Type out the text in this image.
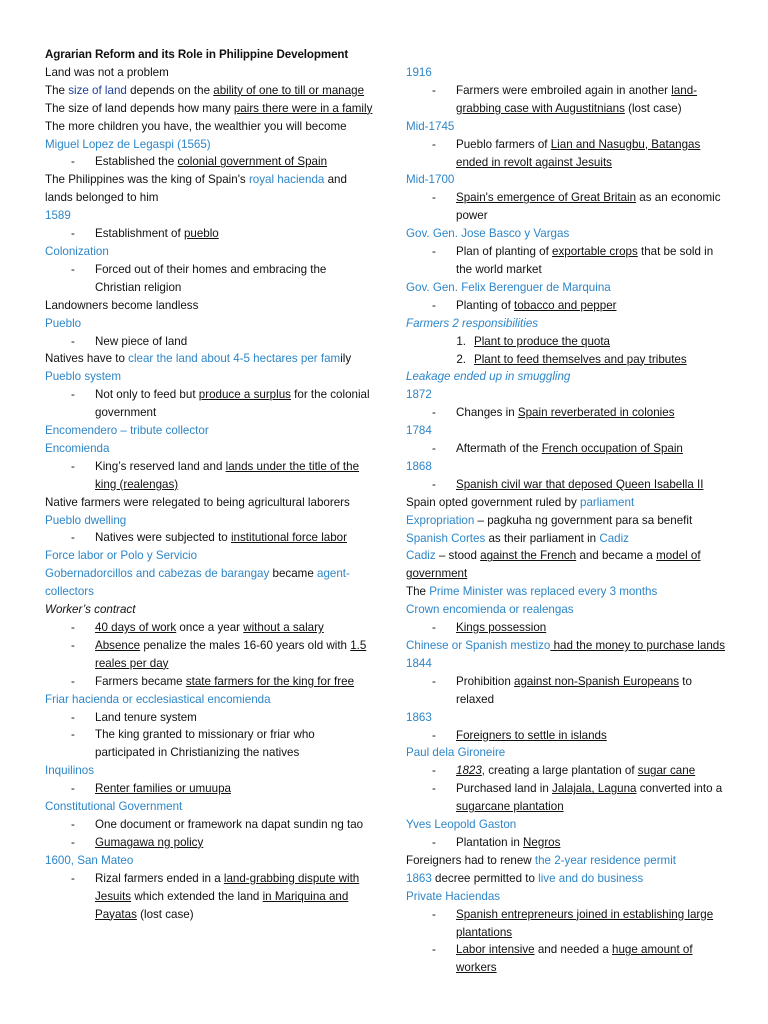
Agrarian Reform and its Role in Philippine Development
Land was not a problem
The size of land depends on the ability of one to till or manage
The size of land depends how many pairs there were in a family
The more children you have, the wealthier you will become
Miguel Lopez de Legaspi (1565)
-	Established the colonial government of Spain
The Philippines was the king of Spain's royal hacienda and lands belonged to him
1589
-	Establishment of pueblo
Colonization
-	Forced out of their homes and embracing the Christian religion
Landowners become landless
Pueblo
-	New piece of land
Natives have to clear the land about 4-5 hectares per family
Pueblo system
-	Not only to feed but produce a surplus for the colonial government
Encomendero – tribute collector
Encomienda
-	King’s reserved land and lands under the title of the king (realengas)
Native farmers were relegated to being agricultural laborers
Pueblo dwelling
-	Natives were subjected to institutional force labor
Force labor or Polo y Servicio
Gobernadorcillos and cabezas de barangay became agent-collectors
Worker’s contract
-	40 days of work once a year without a salary
-	Absence penalize the males 16-60 years old with 1.5 reales per day
-	Farmers became state farmers for the king for free
Friar hacienda or ecclesiastical encomienda
-	Land tenure system
-	The king granted to missionary or friar who participated in Christianizing the natives
Inquilinos
-	Renter families or umuupa
Constitutional Government
-	One document or framework na dapat sundin ng tao
-	Gumagawa ng policy
1600, San Mateo
-	Rizal farmers ended in a land-grabbing dispute with Jesuits which extended the land in Mariquina and Payatas (lost case)
1916
-	Farmers were embroiled again in another land-grabbing case with Augustitnians (lost case)
Mid-1745
-	Pueblo farmers of Lian and Nasugbu, Batangas ended in revolt against Jesuits
Mid-1700
-	Spain's emergence of Great Britain as an economic power
Gov. Gen. Jose Basco y Vargas
-	Plan of planting of exportable crops that be sold in the world market
Gov. Gen. Felix Berenguer de Marquina
-	Planting of tobacco and pepper
Farmers 2 responsibilities
1. Plant to produce the quota
2. Plant to feed themselves and pay tributes
Leakage ended up in smuggling
1872
-	Changes in Spain reverberated in colonies
1784
-	Aftermath of the French occupation of Spain
1868
-	Spanish civil war that deposed Queen Isabella II
Spain opted government ruled by parliament
Expropriation – pagkuha ng government para sa benefit
Spanish Cortes as their parliament in Cadiz
Cadiz – stood against the French and became a model of government
The Prime Minister was replaced every 3 months
Crown encomienda or realengas
-	Kings possession
Chinese or Spanish mestizo had the money to purchase lands
1844
-	Prohibition against non-Spanish Europeans to relaxed
1863
-	Foreigners to settle in islands
Paul dela Gironeire
-	1823, creating a large plantation of sugar cane
-	Purchased land in Jalajala, Laguna converted into a sugarcane plantation
Yves Leopold Gaston
-	Plantation in Negros
Foreigners had to renew the 2-year residence permit
1863 decree permitted to live and do business
Private Haciendas
-	Spanish entrepreneurs joined in establishing large plantations
-	Labor intensive and needed a huge amount of workers
